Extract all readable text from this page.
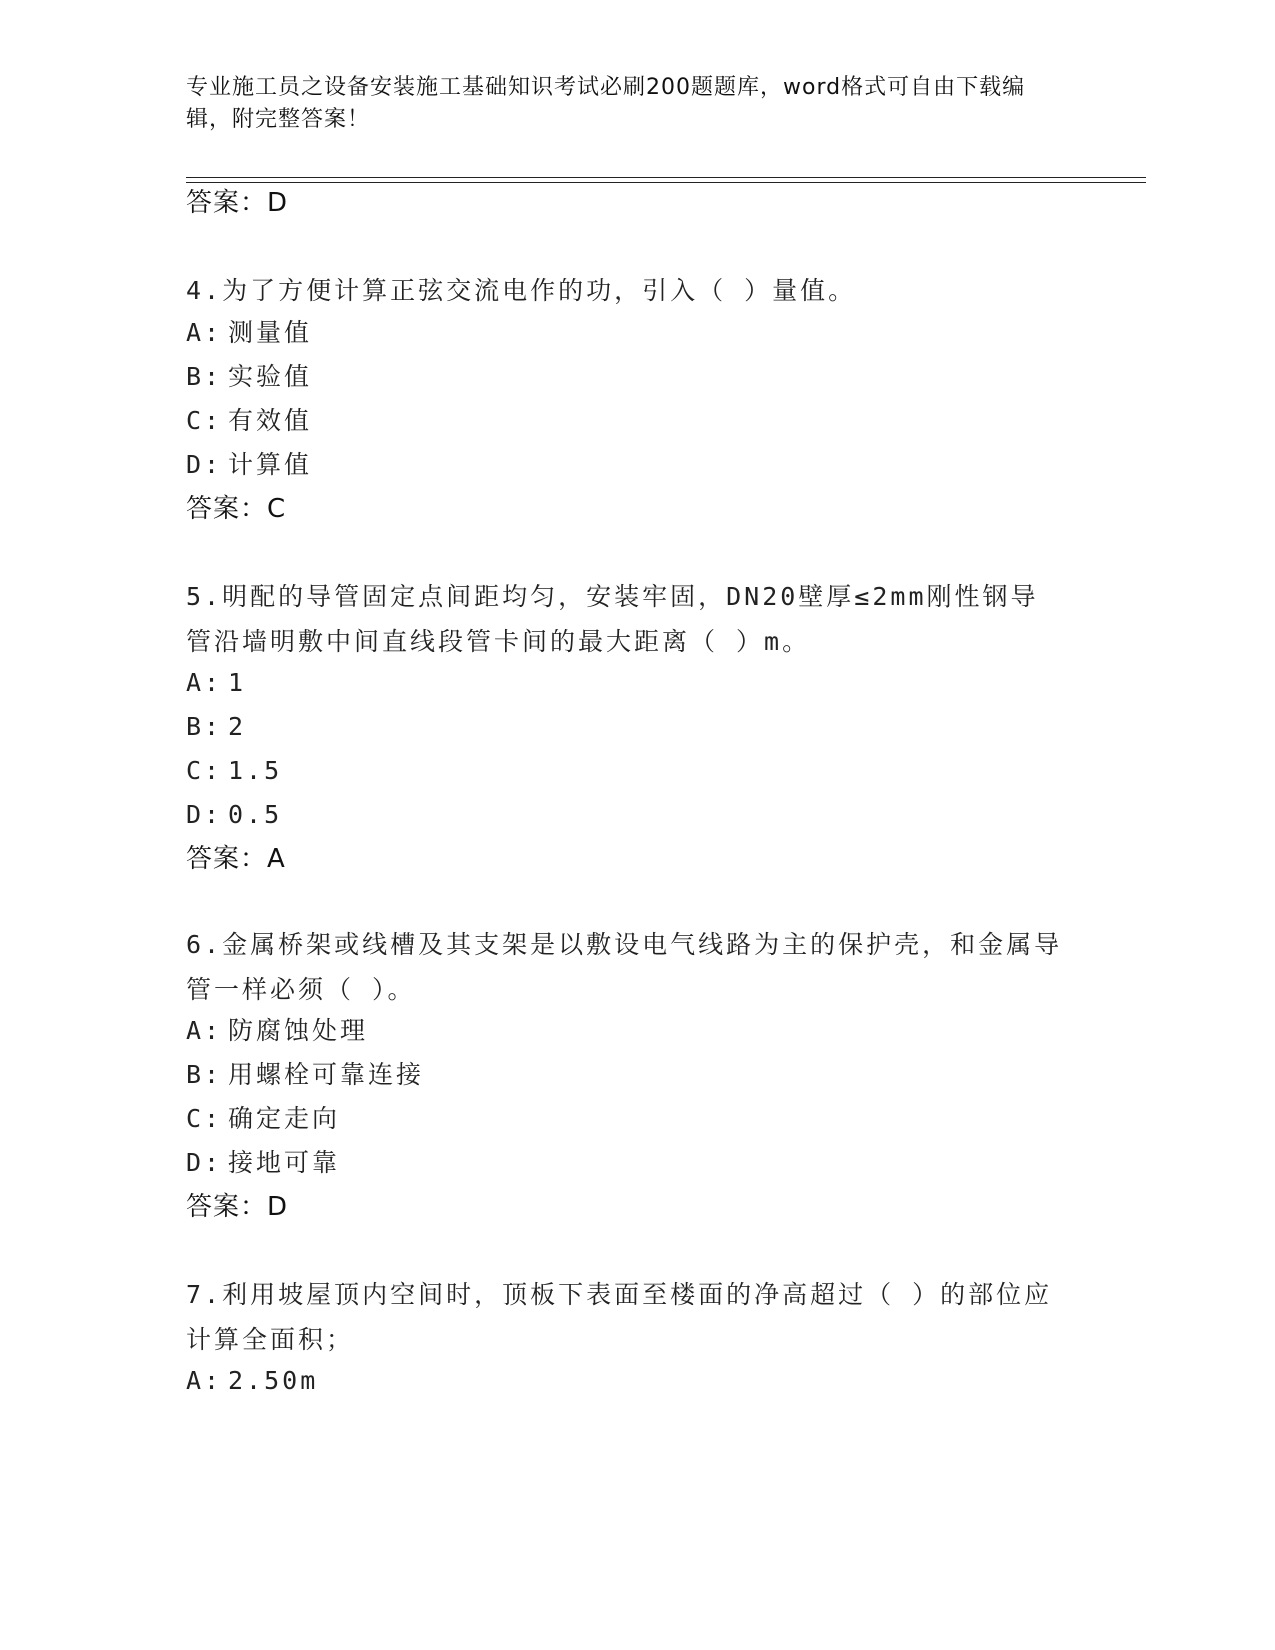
专业施工员之设备安装施工基础知识考试必刷200题题库，word格式可自由下载编辑，附完整答案！
答案：D
4.为了方便计算正弦交流电作的功，引入（ ）量值。
A: 测量值
B: 实验值
C: 有效值
D: 计算值
答案：C
5.明配的导管固定点间距均匀，安装牢固，DN20壁厚≤2mm刚性钢导管沿墙明敷中间直线段管卡间的最大距离（ ）m。
A: 1
B: 2
C: 1.5
D: 0.5
答案：A
6.金属桥架或线槽及其支架是以敷设电气线路为主的保护壳，和金属导管一样必须（ ）。
A: 防腐蚀处理
B: 用螺栓可靠连接
C: 确定走向
D: 接地可靠
答案：D
7.利用坡屋顶内空间时，顶板下表面至楼面的净高超过（ ）的部位应计算全面积；
A: 2.50m
